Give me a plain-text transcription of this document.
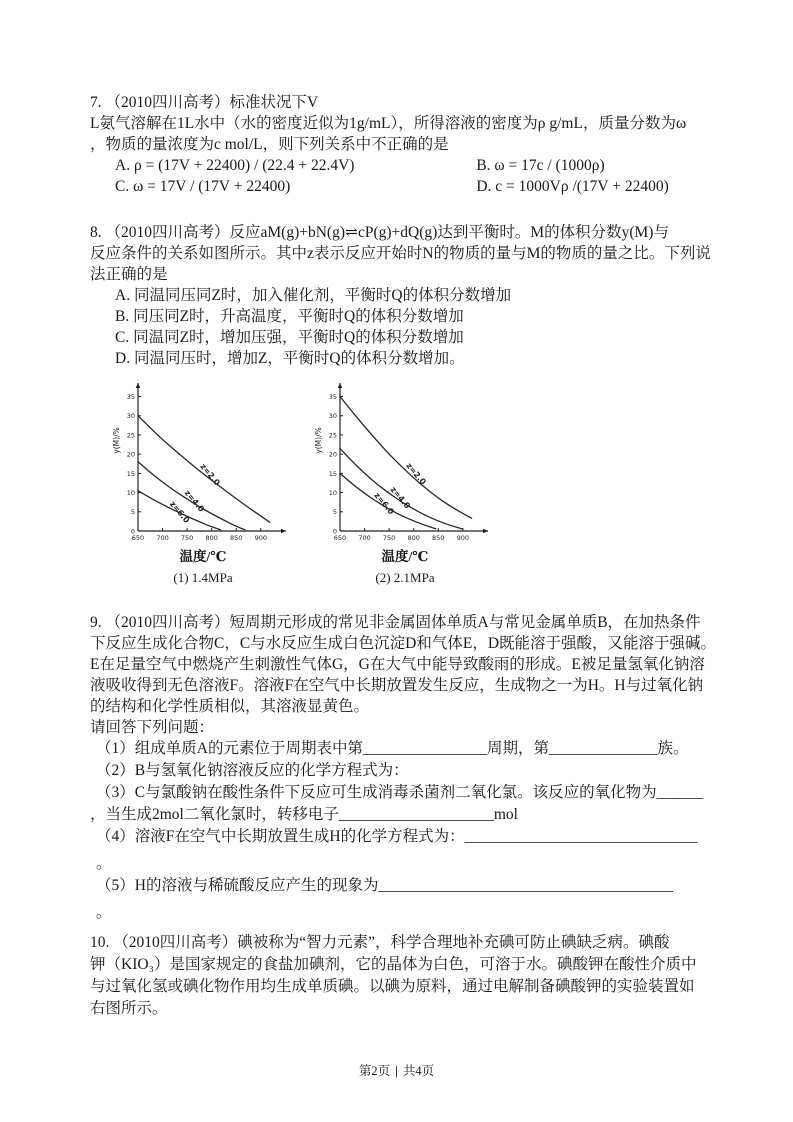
7. （2010四川高考）标准状况下V
L氨气溶解在1L水中（水的密度近似为1g/mL），所得溶液的密度为ρ g/mL，质量分数为ω
，物质的量浓度为c mol/L，则下列关系中不正确的是
A. ρ = (17V + 22400) / (22.4 + 22.4V)	B. ω = 17c / (1000ρ)
C. ω = 17V / (17V + 22400)	D. c = 1000Vρ /(17V + 22400)
8. （2010四川高考）反应aM(g)+bN(g)⇌cP(g)+dQ(g)达到平衡时。M的体积分数y(M)与
反应条件的关系如图所示。其中z表示反应开始时N的物质的量与M的物质的量之比。下列说
法正确的是
A. 同温同压同Z时，加入催化剂，平衡时Q的体积分数增加
B. 同压同Z时，升高温度，平衡时Q的体积分数增加
C. 同温同Z时，增加压强，平衡时Q的体积分数增加
D. 同温同压时，增加Z，平衡时Q的体积分数增加。
650 700 750 800 850 900
0
5
10
15
20
25
30
35
y(M)/%
z=2.0
z=4.0
z=6.0
温度/℃
(1) 1.4MPa
650 700 750 800 850 900
0
5
10
15
20
25
30
35
y(M)/%
z=2.0
z=4.0
z=6.0
温度/℃
(2) 2.1MPa
9. （2010四川高考）短周期元形成的常见非金属固体单质A与常见金属单质B，在加热条件
下反应生成化合物C，C与水反应生成白色沉淀D和气体E，D既能溶于强酸，又能溶于强碱。
E在足量空气中燃烧产生刺激性气体G，G在大气中能导致酸雨的形成。E被足量氢氧化钠溶
液吸收得到无色溶液F。溶液F在空气中长期放置发生反应，生成物之一为H。H与过氧化钠
的结构和化学性质相似，其溶液显黄色。
请回答下列问题：
（1）组成单质A的元素位于周期表中第________________周期，第______________族。
（2）B与氢氧化钠溶液反应的化学方程式为：
（3）C与氯酸钠在酸性条件下反应可生成消毒杀菌剂二氧化氯。该反应的氧化物为______
，当生成2mol二氧化氯时，转移电子____________________mol
（4）溶液F在空气中长期放置生成H的化学方程式为：______________________________
。
（5）H的溶液与稀硫酸反应产生的现象为______________________________________
。
10. （2010四川高考）碘被称为“智力元素”，科学合理地补充碘可防止碘缺乏病。碘酸
钾（KIO₃）是国家规定的食盐加碘剂，它的晶体为白色，可溶于水。碘酸钾在酸性介质中
与过氧化氢或碘化物作用均生成单质碘。以碘为原料，通过电解制备碘酸钾的实验装置如
右图所示。
第2页 | 共4页
